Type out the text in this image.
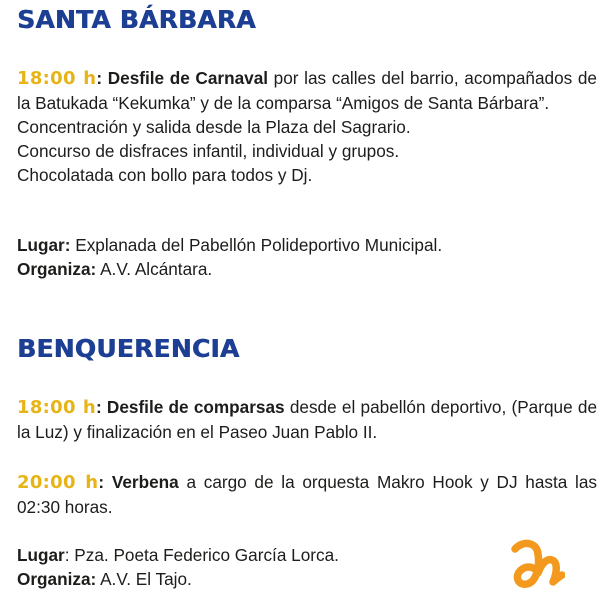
SANTA BÁRBARA

18:00 h: Desfile de Carnaval por las calles del barrio, acompañados de la Batukada “Kekumka” y de la comparsa “Amigos de Santa Bárbara”.

Concentración y salida desde la Plaza del Sagrario.

Concurso de disfraces infantil, individual y grupos.

Chocolatada con bollo para todos y Dj.

Lugar: Explanada del Pabellón Polideportivo Municipal.

Organiza: A.V. Alcántara.

BENQUERENCIA

18:00 h: Desfile de comparsas desde el pabellón deportivo, (Parque de la Luz) y finalización en el Paseo Juan Pablo II.

20:00 h: Verbena a cargo de la orquesta Makro Hook y DJ hasta las 02:30 horas.

Lugar: Pza. Poeta Federico García Lorca.

Organiza: A.V. El Tajo.
